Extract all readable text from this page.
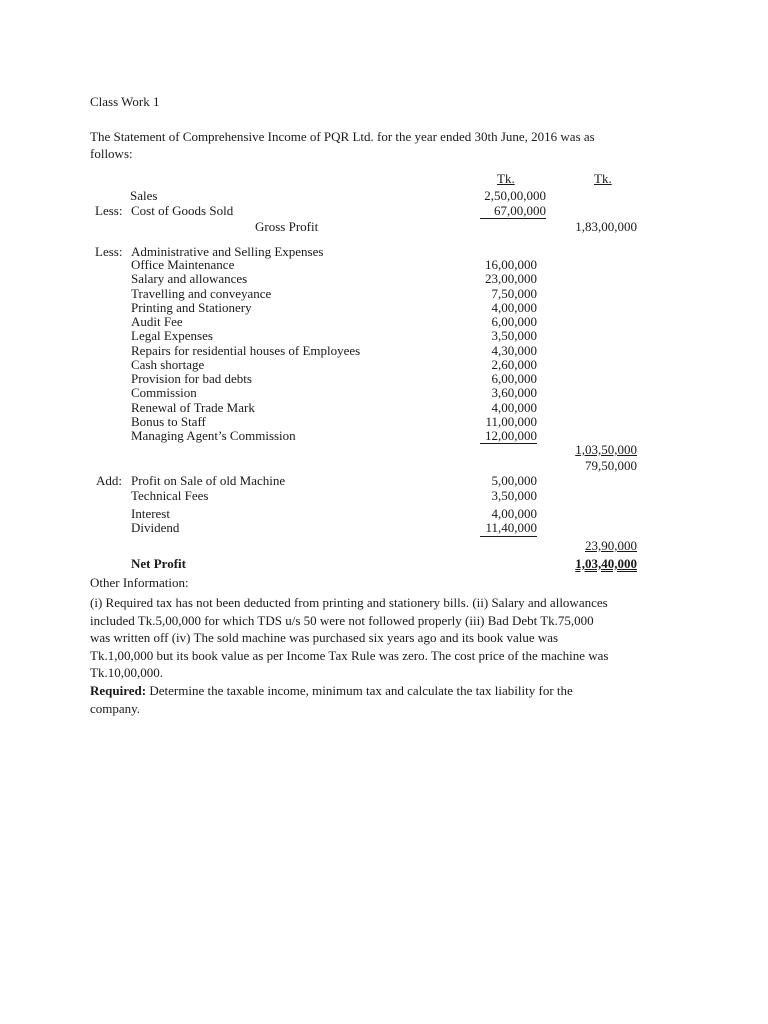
Class Work 1
The Statement of Comprehensive Income of PQR Ltd. for the year ended 30th June, 2016 was as
follows:
Tk.	Tk.
Sales	2,50,00,000
Less: Cost of Goods Sold	67,00,000
Gross Profit	1,83,00,000
Less: Administrative and Selling Expenses
Office Maintenance	16,00,000
Salary and allowances	23,00,000
Travelling and conveyance	7,50,000
Printing and Stationery	4,00,000
Audit Fee	6,00,000
Legal Expenses	3,50,000
Repairs for residential houses of Employees	4,30,000
Cash shortage	2,60,000
Provision for bad debts	6,00,000
Commission	3,60,000
Renewal of Trade Mark	4,00,000
Bonus to Staff	11,00,000
Managing Agent’s Commission	12,00,000
1,03,50,000
79,50,000
Add: Profit on Sale of old Machine	5,00,000
Technical Fees	3,50,000
Interest	4,00,000
Dividend	11,40,000
23,90,000
Net Profit	1,03,40,000
Other Information:
(i) Required tax has not been deducted from printing and stationery bills. (ii) Salary and allowances
included Tk.5,00,000 for which TDS u/s 50 were not followed properly (iii) Bad Debt Tk.75,000
was written off (iv) The sold machine was purchased six years ago and its book value was
Tk.1,00,000 but its book value as per Income Tax Rule was zero. The cost price of the machine was
Tk.10,00,000.
Required: Determine the taxable income, minimum tax and calculate the tax liability for the
company.
